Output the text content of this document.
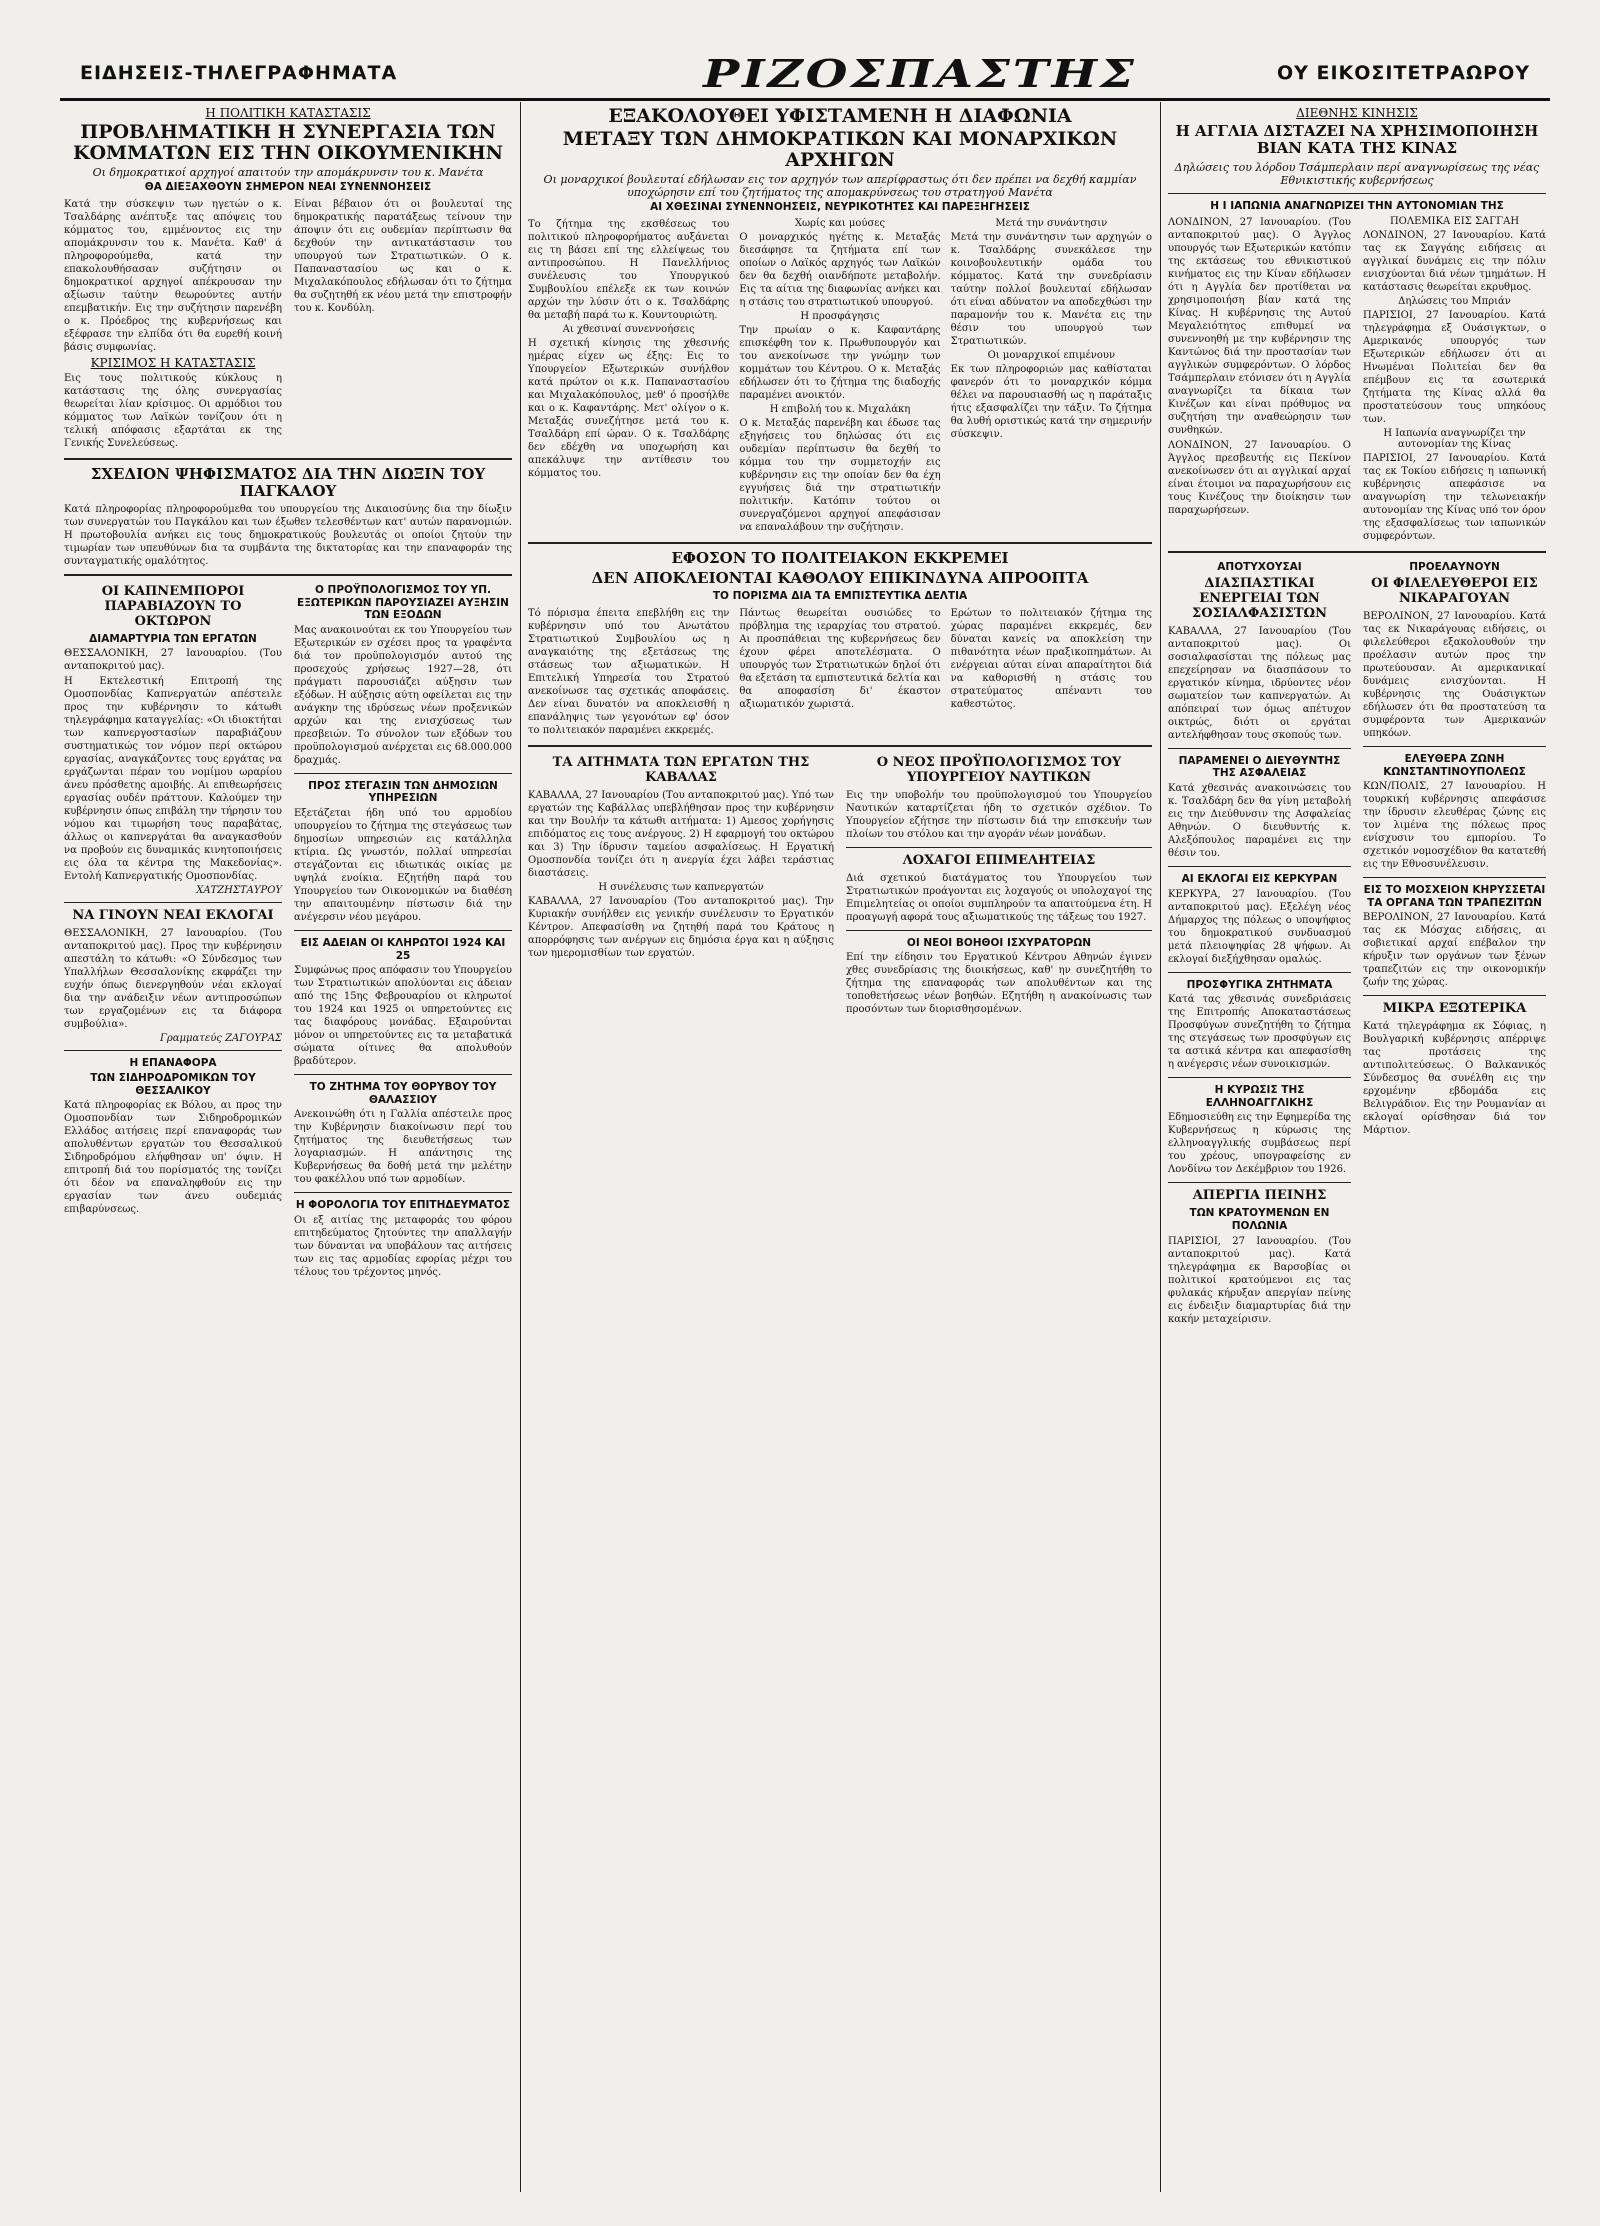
ΕΙΔΗΣΕΙΣ-ΤΗΛΕΓΡΑΦΗΜΑΤΑ	ΡΙΖΟΣΠΑΣΤΗΣ	ΟΥ ΕΙΚΟΣΙΤΕΤΡΑΩΡΟΥ
Η ΠΟΛΙΤΙΚΗ ΚΑΤΑΣΤΑΣΙΣ
ΠΡΟΒΛΗΜΑΤΙΚΗ Η ΣΥΝΕΡΓΑΣΙΑ ΤΩΝ ΚΟΜΜΑΤΩΝ ΕΙΣ ΤΗΝ ΟΙΚΟΥΜΕΝΙΚΗΝ
Οι δημοκρατικοί αρχηγοί απαιτούν την απομάκρυνσιν του κ. Μανέτα
ΘΑ ΔΙΕΞΑΧΘΟΥΝ ΣΗΜΕΡΟΝ ΝΕΑΙ ΣΥΝΕΝΝΟΗΣΕΙΣ
Κατά την σύσκεψιν των ηγετών ο κ. Τσαλδάρης ανέπτυξε τας απόψεις του κόμματος του, εμμένοντος εις την απομάκρυνσιν του κ. Μανέτα. Καθ' ά πληροφορούμεθα, κατά την επακολουθήσασαν συζήτησιν οι δημοκρατικοί αρχηγοί απέκρουσαν την αξίωσιν ταύτην θεωρούντες αυτήν επεμβατικήν. Εις την συζήτησιν παρενέβη ο κ. Πρόεδρος της κυβερνήσεως και εξέφρασε την ελπίδα ότι θα ευρεθή κοινή βάσις συμφωνίας.
ΚΡΙΣΙΜΟΣ Η ΚΑΤΑΣΤΑΣΙΣ
Εις τους πολιτικούς κύκλους η κατάστασις της όλης συνεργασίας θεωρείται λίαν κρίσιμος. Οι αρμόδιοι του κόμματος των Λαϊκών τονίζουν ότι η τελική απόφασις εξαρτάται εκ της Γενικής Συνελεύσεως.
Είναι βέβαιον ότι οι βουλευταί της δημοκρατικής παρατάξεως τείνουν την άποψιν ότι εις ουδεμίαν περίπτωσιν θα δεχθούν την αντικατάστασιν του υπουργού των Στρατιωτικών. Ο κ. Παπαναστασίου ως και ο κ. Μιχαλακόπουλος εδήλωσαν ότι το ζήτημα θα συζητηθή εκ νέου μετά την επιστροφήν του κ. Κονδύλη.
ΣΧΕΔΙΟΝ ΨΗΦΙΣΜΑΤΟΣ ΔΙΑ ΤΗΝ ΔΙΩΞΙΝ ΤΟΥ ΠΑΓΚΑΛΟΥ
Κατά πληροφορίας πληροφορούμεθα του υπουργείου της Δικαιοσύνης δια την δίωξιν των συνεργατών του Παγκάλου και των έξωθεν τελεσθέντων κατ' αυτών παρανομιών. Η πρωτοβουλία ανήκει εις τους δημοκρατικούς βουλευτάς οι οποίοι ζητούν την τιμωρίαν των υπευθύνων δια τα συμβάντα της δικτατορίας και την επαναφοράν της συνταγματικής ομαλότητος.
ΟΙ ΚΑΠΝΕΜΠΟΡΟΙ ΠΑΡΑΒΙΑΖΟΥΝ ΤΟ ΟΚΤΩΡΟΝ
ΔΙΑΜΑΡΤΥΡΙΑ ΤΩΝ ΕΡΓΑΤΩΝ
ΘΕΣΣΑΛΟΝΙΚΗ, 27 Ιανουαρίου. (Του ανταποκριτού μας).
Η Εκτελεστική Επιτροπή της Ομοσπονδίας Καπνεργατών απέστειλε προς την κυβέρνησιν το κάτωθι τηλεγράφημα καταγγελίας: «Οι ιδιοκτήται των καπνεργοστασίων παραβιάζουν συστηματικώς τον νόμον περί οκτώρου εργασίας, αναγκάζοντες τους εργάτας να εργάζωνται πέραν του νομίμου ωραρίου άνευ πρόσθετης αμοιβής. Αι επιθεωρήσεις εργασίας ουδέν πράττουν. Καλούμεν την κυβέρνησιν όπως επιβάλη την τήρησιν του νόμου και τιμωρήση τους παραβάτας, άλλως οι καπνεργάται θα αναγκασθούν να προβούν εις δυναμικάς κινητοποιήσεις εις όλα τα κέντρα της Μακεδονίας». Εντολή Καπνεργατικής Ομοσπονδίας.
ΧΑΤΖΗΣΤΑΥΡΟΥ
ΝΑ ΓΙΝΟΥΝ ΝΕΑΙ ΕΚΛΟΓΑΙ
ΘΕΣΣΑΛΟΝΙΚΗ, 27 Ιανουαρίου. (Του ανταποκριτού μας). Προς την κυβέρνησιν απεστάλη το κάτωθι: «Ο Σύνδεσμος των Υπαλλήλων Θεσσαλονίκης εκφράζει την ευχήν όπως διενεργηθούν νέαι εκλογαί δια την ανάδειξιν νέων αντιπροσώπων των εργαζομένων εις τα διάφορα συμβούλια».
Γραμματεύς ΖΑΓΟΥΡΑΣ
Η ΕΠΑΝΑΦΟΡΑ
ΤΩΝ ΣΙΔΗΡΟΔΡΟΜΙΚΩΝ ΤΟΥ ΘΕΣΣΑΛΙΚΟΥ
Κατά πληροφορίας εκ Βόλου, αι προς την Ομοσπονδίαν των Σιδηροδρομικών Ελλάδος αιτήσεις περί επαναφοράς των απολυθέντων εργατών του Θεσσαλικού Σιδηροδρόμου ελήφθησαν υπ' όψιν. Η επιτροπή διά του πορίσματός της τονίζει ότι δέον να επαναληφθούν εις την εργασίαν των άνευ ουδεμιάς επιβαρύνσεως.
Ο ΠΡΟΫΠΟΛΟΓΙΣΜΟΣ ΤΟΥ ΥΠ. ΕΞΩΤΕΡΙΚΩΝ ΠΑΡΟΥΣΙΑΖΕΙ ΑΥΞΗΣΙΝ ΤΩΝ ΕΞΟΔΩΝ
Μας ανακοινούται εκ του Υπουργείου των Εξωτερικών εν σχέσει προς τα γραφέντα διά τον προϋπολογισμόν αυτού της προσεχούς χρήσεως 1927—28, ότι πράγματι παρουσιάζει αύξησιν των εξόδων. Η αύξησις αύτη οφείλεται εις την ανάγκην της ιδρύσεως νέων προξενικών αρχών και της ενισχύσεως των πρεσβειών. Το σύνολον των εξόδων του προϋπολογισμού ανέρχεται εις 68.000.000 δραχμάς.
ΠΡΟΣ ΣΤΕΓΑΣΙΝ ΤΩΝ ΔΗΜΟΣΙΩΝ ΥΠΗΡΕΣΙΩΝ
Εξετάζεται ήδη υπό του αρμοδίου υπουργείου το ζήτημα της στεγάσεως των δημοσίων υπηρεσιών εις κατάλληλα κτίρια. Ως γνωστόν, πολλαί υπηρεσίαι στεγάζονται εις ιδιωτικάς οικίας με υψηλά ενοίκια. Εζητήθη παρά του Υπουργείου των Οικονομικών να διαθέση την απαιτουμένην πίστωσιν διά την ανέγερσιν νέου μεγάρου.
ΕΙΣ ΑΔΕΙΑΝ ΟΙ ΚΛΗΡΩΤΟΙ 1924 ΚΑΙ 25
Συμφώνως προς απόφασιν του Υπουργείου των Στρατιωτικών απολύονται εις άδειαν από της 15ης Φεβρουαρίου οι κληρωτοί του 1924 και 1925 οι υπηρετούντες εις τας διαφόρους μονάδας. Εξαιρούνται μόνον οι υπηρετούντες εις τα μεταβατικά σώματα οίτινες θα απολυθούν βραδύτερον.
ΤΟ ΖΗΤΗΜΑ ΤΟΥ ΘΟΡΥΒΟΥ ΤΟΥ ΘΑΛΑΣΣΙΟΥ
Ανεκοινώθη ότι η Γαλλία απέστειλε προς την Κυβέρνησιν διακοίνωσιν περί του ζητήματος της διευθετήσεως των λογαριασμών. Η απάντησις της Κυβερνήσεως θα δοθή μετά την μελέτην του φακέλλου υπό των αρμοδίων.
Η ΦΟΡΟΛΟΓΙΑ ΤΟΥ ΕΠΙΤΗΔΕΥΜΑΤΟΣ
Οι εξ αιτίας της μεταφοράς του φόρου επιτηδεύματος ζητούντες την απαλλαγήν των δύνανται να υποβάλουν τας αιτήσεις των εις τας αρμοδίας εφορίας μέχρι του τέλους του τρέχοντος μηνός.
ΕΞΑΚΟΛΟΥΘΕΙ ΥΦΙΣΤΑΜΕΝΗ Η ΔΙΑΦΩΝΙΑ
ΜΕΤΑΞΥ ΤΩΝ ΔΗΜΟΚΡΑΤΙΚΩΝ ΚΑΙ ΜΟΝΑΡΧΙΚΩΝ ΑΡΧΗΓΩΝ
Οι μοναρχικοί βουλευταί εδήλωσαν εις τον αρχηγόν των απερίφραστως ότι δεν πρέπει να δεχθή καμμίαν υποχώρησιν επί του ζητήματος της απομακρύνσεως του στρατηγού Μανέτα
ΑΙ ΧΘΕΣΙΝΑΙ ΣΥΝΕΝΝΟΗΣΕΙΣ, ΝΕΥΡΙΚΟΤΗΤΕΣ ΚΑΙ ΠΑΡΕΞΗΓΗΣΕΙΣ
Το ζήτημα της εκσθέσεως του πολιτικού πληροφορήματος αυξάνεται εις τη βάσει επί της ελλείψεως του αντιπροσώπου. Η Πανελλήνιος συνέλευσις του Υπουργικού Συμβουλίου επέλεξε εκ των κοινών αρχών την λύσιν ότι ο κ. Τσαλδάρης θα μεταβή παρά τω κ. Κουντουριώτη.
Αι χθεσιναί συνεννοήσεις
Η σχετική κίνησις της χθεσινής ημέρας είχεν ως έξης: Εις το Υπουργείον Εξωτερικών συνήλθον κατά πρώτον οι κ.κ. Παπαναστασίου και Μιχαλακόπουλος, μεθ' ό προσήλθε και ο κ. Καφαντάρης. Μετ' ολίγον ο κ. Μεταξάς συνεζήτησε μετά του κ. Τσαλδάρη επί ώραν. Ο κ. Τσαλδάρης δεν εδέχθη να υποχωρήση και απεκάλυψε την αντίθεσιν του κόμματος του.
Χωρίς και μούσες
Ο μοναρχικός ηγέτης κ. Μεταξάς διεσάφησε τα ζητήματα επί των οποίων ο Λαϊκός αρχηγός των Λαϊκών δεν θα δεχθή οιανδήποτε μεταβολήν. Εις τα αίτια της διαφωνίας ανήκει και η στάσις του στρατιωτικού υπουργού.
Η προσφάγησις
Την πρωίαν ο κ. Καφαντάρης επισκέφθη τον κ. Πρωθυπουργόν και του ανεκοίνωσε την γνώμην των κομμάτων του Κέντρου. Ο κ. Μεταξάς εδήλωσεν ότι το ζήτημα της διαδοχής παραμένει ανοικτόν.
Η επιβολή του κ. Μιχαλάκη
Ο κ. Μεταξάς παρενέβη και έδωσε τας εξηγήσεις του δηλώσας ότι εις ουδεμίαν περίπτωσιν θα δεχθή το κόμμα του την συμμετοχήν εις κυβέρνησιν εις την οποίαν δεν θα έχη εγγυήσεις διά την στρατιωτικήν πολιτικήν. Κατόπιν τούτου οι συνεργαζόμενοι αρχηγοί απεφάσισαν να επαναλάβουν την συζήτησιν.
Μετά την συνάντησιν
Μετά την συνάντησιν των αρχηγών ο κ. Τσαλδάρης συνεκάλεσε την κοινοβουλευτικήν ομάδα του κόμματος. Κατά την συνεδρίασιν ταύτην πολλοί βουλευταί εδήλωσαν ότι είναι αδύνατον να αποδεχθώσι την παραμονήν του κ. Μανέτα εις την θέσιν του υπουργού των Στρατιωτικών.
Οι μοναρχικοί επιμένουν
Εκ των πληροφοριών μας καθίσταται φανερόν ότι το μοναρχικόν κόμμα θέλει να παρουσιασθή ως η παράταξις ήτις εξασφαλίζει την τάξιν. Το ζήτημα θα λυθή οριστικώς κατά την σημερινήν σύσκεψιν.
ΕΦΟΣΟΝ ΤΟ ΠΟΛΙΤΕΙΑΚΟΝ ΕΚΚΡΕΜΕΙ
ΔΕΝ ΑΠΟΚΛΕΙΟΝΤΑΙ ΚΑΘΟΛΟΥ ΕΠΙΚΙΝΔΥΝΑ ΑΠΡΟΟΠΤΑ
ΤΟ ΠΟΡΙΣΜΑ ΔΙΑ ΤΑ ΕΜΠΙΣΤΕΥΤΙΚΑ ΔΕΛΤΙΑ
Τό πόρισμα έπειτα επεβλήθη εις την κυβέρνησιν υπό του Ανωτάτου Στρατιωτικού Συμβουλίου ως η αναγκαιότης της εξετάσεως της στάσεως των αξιωματικών. Η Επιτελική Υπηρεσία του Στρατού ανεκοίνωσε τας σχετικάς αποφάσεις. Δεν είναι δυνατόν να αποκλεισθή η επανάληψις των γεγονότων εφ' όσον το πολιτειακόν παραμένει εκκρεμές.
Πάντως θεωρείται ουσιώδες το πρόβλημα της ιεραρχίας του στρατού. Αι προσπάθειαι της κυβερνήσεως δεν έχουν φέρει αποτελέσματα. Ο υπουργός των Στρατιωτικών δηλοί ότι θα εξετάση τα εμπιστευτικά δελτία και θα αποφασίση δι' έκαστον αξιωματικόν χωριστά.
Ερώτων το πολιτειακόν ζήτημα της χώρας παραμένει εκκρεμές, δεν δύναται κανείς να αποκλείση την πιθανότητα νέων πραξικοπημάτων. Αι ενέργειαι αύται είναι απαραίτητοι διά να καθορισθή η στάσις του στρατεύματος απέναντι του καθεστώτος.
ΤΑ ΑΙΤΗΜΑΤΑ ΤΩΝ ΕΡΓΑΤΩΝ ΤΗΣ ΚΑΒΑΛΑΣ
ΚΑΒΑΛΛΑ, 27 Ιανουαρίου (Του ανταποκριτού μας). Υπό των εργατών της Καβάλλας υπεβλήθησαν προς την κυβέρνησιν και την Βουλήν τα κάτωθι αιτήματα: 1) Αμεσος χορήγησις επιδόματος εις τους ανέργους. 2) Η εφαρμογή του οκτώρου και 3) Την ίδρυσιν ταμείου ασφαλίσεως. Η Εργατική Ομοσπονδία τονίζει ότι η ανεργία έχει λάβει τεράστιας διαστάσεις.
Η συνέλευσις των καπνεργατών
ΚΑΒΑΛΛΑ, 27 Ιανουαρίου (Του ανταποκριτού μας). Την Κυριακήν συνήλθεν εις γενικήν συνέλευσιν το Εργατικόν Κέντρον. Απεφασίσθη να ζητηθή παρά του Κράτους η απορρόφησις των ανέργων εις δημόσια έργα και η αύξησις των ημερομισθίων των εργατών.
Ο ΝΕΟΣ ΠΡΟΫΠΟΛΟΓΙΣΜΟΣ ΤΟΥ ΥΠΟΥΡΓΕΙΟΥ ΝΑΥΤΙΚΩΝ
Εις την υποβολήν του προϋπολογισμού του Υπουργείου Ναυτικών καταρτίζεται ήδη το σχετικόν σχέδιον. Το Υπουργείον εζήτησε την πίστωσιν διά την επισκευήν των πλοίων του στόλου και την αγοράν νέων μονάδων.
ΛΟΧΑΓΟΙ ΕΠΙΜΕΛΗΤΕΙΑΣ
Διά σχετικού διατάγματος του Υπουργείου των Στρατιωτικών προάγονται εις λοχαγούς οι υπολοχαγοί της Επιμελητείας οι οποίοι συμπληρούν τα απαιτούμενα έτη. Η προαγωγή αφορά τους αξιωματικούς της τάξεως του 1927.
ΟΙ ΝΕΟΙ ΒΟΗΘΟΙ ΙΣΧΥΡΑΤΟΡΩΝ
Επί την είδησιν του Εργατικού Κέντρου Αθηνών έγινεν χθες συνεδρίασις της διοικήσεως, καθ' ην συνεζητήθη το ζήτημα της επαναφοράς των απολυθέντων και της τοποθετήσεως νέων βοηθών. Εζητήθη η ανακοίνωσις των προσόντων των διορισθησομένων.
ΔΙΕΘΝΗΣ ΚΙΝΗΣΙΣ
Η ΑΓΓΛΙΑ ΔΙΣΤΑΖΕΙ ΝΑ ΧΡΗΣΙΜΟΠΟΙΗΣΗ ΒΙΑΝ ΚΑΤΑ ΤΗΣ ΚΙΝΑΣ
Δηλώσεις του λόρδου Τσάμπερλαιν περί αναγνωρίσεως της νέας Εθνικιστικής κυβερνήσεως
Η Ι ΙΑΠΩΝΙΑ ΑΝΑΓΝΩΡΙΖΕΙ ΤΗΝ ΑΥΤΟΝΟΜΙΑΝ ΤΗΣ
ΛΟΝΔΙΝΟΝ, 27 Ιανουαρίου. (Του ανταποκριτού μας). Ο Άγγλος υπουργός των Εξωτερικών κατόπιν της εκτάσεως του εθνικιστικού κινήματος εις την Κίναν εδήλωσεν ότι η Αγγλία δεν προτίθεται να χρησιμοποιήση βίαν κατά της Κίνας. Η κυβέρνησις της Αυτού Μεγαλειότητος επιθυμεί να συνεννοηθή με την κυβέρνησιν της Καντώνος διά την προστασίαν των αγγλικών συμφερόντων. Ο λόρδος Τσάμπερλαιν ετόνισεν ότι η Αγγλία αναγνωρίζει τα δίκαια των Κινέζων και είναι πρόθυμος να συζητήση την αναθεώρησιν των συνθηκών.
ΛΟΝΔΙΝΟΝ, 27 Ιανουαρίου. Ο Άγγλος πρεσβευτής εις Πεκίνον ανεκοίνωσεν ότι αι αγγλικαί αρχαί είναι έτοιμοι να παραχωρήσουν εις τους Κινέζους την διοίκησιν των παραχωρήσεων.
ΠΟΛΕΜΙΚΑ ΕΙΣ ΣΑΓΓΑΗ
ΛΟΝΔΙΝΟΝ, 27 Ιανουαρίου. Κατά τας εκ Σαγγάης ειδήσεις αι αγγλικαί δυνάμεις εις την πόλιν ενισχύονται διά νέων τμημάτων. Η κατάστασις θεωρείται εκρυθμος.
Δηλώσεις του Μπριάν
ΠΑΡΙΣΙΟΙ, 27 Ιανουαρίου. Κατά τηλεγράφημα εξ Ουάσιγκτων, ο Αμερικανός υπουργός των Εξωτερικών εδήλωσεν ότι αι Ηνωμέναι Πολιτείαι δεν θα επέμβουν εις τα εσωτερικά ζητήματα της Κίνας αλλά θα προστατεύσουν τους υπηκόους των.
Η Ιαπωνία αναγνωρίζει την αυτονομίαν της Κίνας
ΠΑΡΙΣΙΟΙ, 27 Ιανουαρίου. Κατά τας εκ Τοκίου ειδήσεις η ιαπωνική κυβέρνησις απεφάσισε να αναγνωρίση την τελωνειακήν αυτονομίαν της Κίνας υπό τον όρον της εξασφαλίσεως των ιαπωνικών συμφερόντων.
ΑΠΟΤΥΧΟΥΣΑΙ
ΔΙΑΣΠΑΣΤΙΚΑΙ ΕΝΕΡΓΕΙΑΙ ΤΩΝ ΣΟΣΙΑΛΦΑΣΙΣΤΩΝ
ΚΑΒΑΛΛΑ, 27 Ιανουαρίου (Του ανταποκριτού μας). Οι σοσιαλφασίσται της πόλεως μας επεχείρησαν να διασπάσουν το εργατικόν κίνημα, ιδρύοντες νέον σωματείον των καπνεργατών. Αι απόπειραί των όμως απέτυχον οικτρώς, διότι οι εργάται αντελήφθησαν τους σκοπούς των.
ΠΑΡΑΜΕΝΕΙ Ο ΔΙΕΥΘΥΝΤΗΣ ΤΗΣ ΑΣΦΑΛΕΙΑΣ
Κατά χθεσινάς ανακοινώσεις του κ. Τσαλδάρη δεν θα γίνη μεταβολή εις την Διεύθυνσιν της Ασφαλείας Αθηνών. Ο διευθυντής κ. Αλεξόπουλος παραμένει εις την θέσιν του.
ΑΙ ΕΚΛΟΓΑΙ ΕΙΣ ΚΕΡΚΥΡΑΝ
ΚΕΡΚΥΡΑ, 27 Ιανουαρίου. (Του ανταποκριτού μας). Εξελέγη νέος Δήμαρχος της πόλεως ο υποψήφιος του δημοκρατικού συνδυασμού μετά πλειοψηφίας 28 ψήφων. Αι εκλογαί διεξήχθησαν ομαλώς.
ΠΡΟΣΦΥΓΙΚΑ ΖΗΤΗΜΑΤΑ
Κατά τας χθεσινάς συνεδριάσεις της Επιτροπής Αποκαταστάσεως Προσφύγων συνεζητήθη το ζήτημα της στεγάσεως των προσφύγων εις τα αστικά κέντρα και απεφασίσθη η ανέγερσις νέων συνοικισμών.
Η ΚΥΡΩΣΙΣ ΤΗΣ ΕΛΛΗΝΟΑΓΓΛΙΚΗΣ
Εδημοσιεύθη εις την Εφημερίδα της Κυβερνήσεως η κύρωσις της ελληνοαγγλικής συμβάσεως περί του χρέους, υπογραφείσης εν Λονδίνω τον Δεκέμβριον του 1926.
ΑΠΕΡΓΙΑ ΠΕΙΝΗΣ
ΤΩΝ ΚΡΑΤΟΥΜΕΝΩΝ ΕΝ ΠΟΛΩΝΙΑ
ΠΑΡΙΣΙΟΙ, 27 Ιανουαρίου. (Του ανταποκριτού μας). Κατά τηλεγράφημα εκ Βαρσοβίας οι πολιτικοί κρατούμενοι εις τας φυλακάς κήρυξαν απεργίαν πείνης εις ένδειξιν διαμαρτυρίας διά την κακήν μεταχείρισιν.
ΠΡΟΕΛΑΥΝΟΥΝ
ΟΙ ΦΙΛΕΛΕΥΘΕΡΟΙ ΕΙΣ ΝΙΚΑΡΑΓΟΥΑΝ
ΒΕΡΟΛΙΝΟΝ, 27 Ιανουαρίου. Κατά τας εκ Νικαράγουας ειδήσεις, οι φιλελεύθεροι εξακολουθούν την προέλασιν αυτών προς την πρωτεύουσαν. Αι αμερικανικαί δυνάμεις ενισχύονται. Η κυβέρνησις της Ουάσιγκτων εδήλωσεν ότι θα προστατεύση τα συμφέροντα των Αμερικανών υπηκόων.
ΕΛΕΥΘΕΡΑ ΖΩΝΗ ΚΩΝΣΤΑΝΤΙΝΟΥΠΟΛΕΩΣ
ΚΩΝ/ΠΟΛΙΣ, 27 Ιανουαρίου. Η τουρκική κυβέρνησις απεφάσισε την ίδρυσιν ελευθέρας ζώνης εις τον λιμένα της πόλεως προς ενίσχυσιν του εμπορίου. Το σχετικόν νομοσχέδιον θα κατατεθή εις την Εθνοσυνέλευσιν.
ΕΙΣ ΤΟ ΜΟΣΧΕΙΟΝ ΚΗΡΥΣΣΕΤΑΙ ΤΑ ΟΡΓΑΝΑ ΤΩΝ ΤΡΑΠΕΖΙΤΩΝ
ΒΕΡΟΛΙΝΟΝ, 27 Ιανουαρίου. Κατά τας εκ Μόσχας ειδήσεις, αι σοβιετικαί αρχαί επέβαλον την κήρυξιν των οργάνων των ξένων τραπεζιτών εις την οικονομικήν ζωήν της χώρας.
ΜΙΚΡΑ ΕΞΩΤΕΡΙΚΑ
Κατά τηλεγράφημα εκ Σόφιας, η Βουλγαρική κυβέρνησις απέρριψε τας προτάσεις της αντιπολιτεύσεως. Ο Βαλκανικός Σύνδεσμος θα συνέλθη εις την ερχομένην εβδομάδα εις Βελιγράδιον. Εις την Ρουμανίαν αι εκλογαί ορίσθησαν διά τον Μάρτιον.
